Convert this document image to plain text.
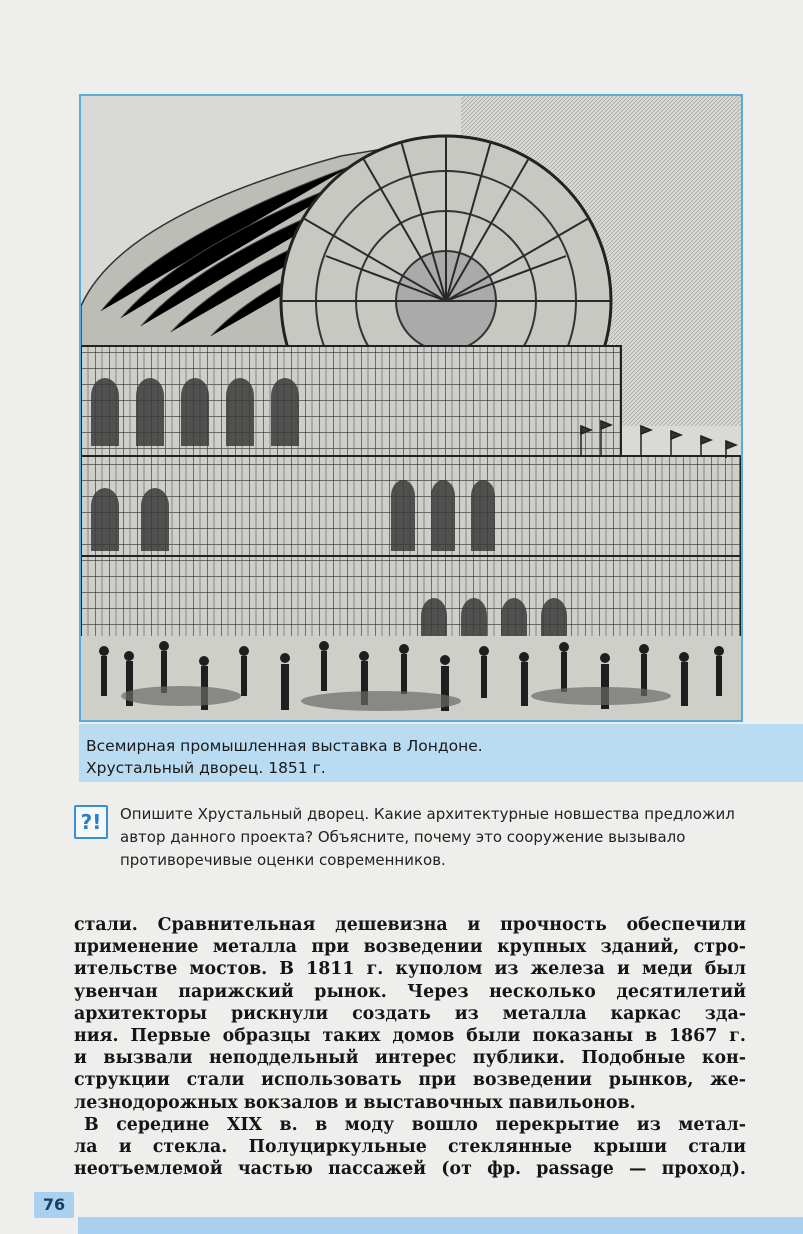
Всемирная промышленная выставка в Лондоне.
Хрустальный дворец. 1851 г.
?!	Опишите Хрустальный дворец. Какие архитектурные новшества предложил автор данного проекта? Объясните, почему это сооружение вызывало противоречивые оценки современников.
стали. Сравнительная дешевизна и прочность обеспечили
применение металла при возведении крупных зданий, стро-
ительстве мостов. В 1811 г. куполом из железа и меди был
увенчан парижский рынок. Через несколько десятилетий
архитекторы рискнули создать из металла каркас зда-
ния. Первые образцы таких домов были показаны в 1867 г.
и вызвали неподдельный интерес публики. Подобные кон-
струкции стали использовать при возведении рынков, же-
лезнодорожных вокзалов и выставочных павильонов.
В середине XIX в. в моду вошло перекрытие из метал-
ла и стекла. Полуциркульные стеклянные крыши стали
неотъемлемой частью пассажей (от фр. passage — проход).
76
